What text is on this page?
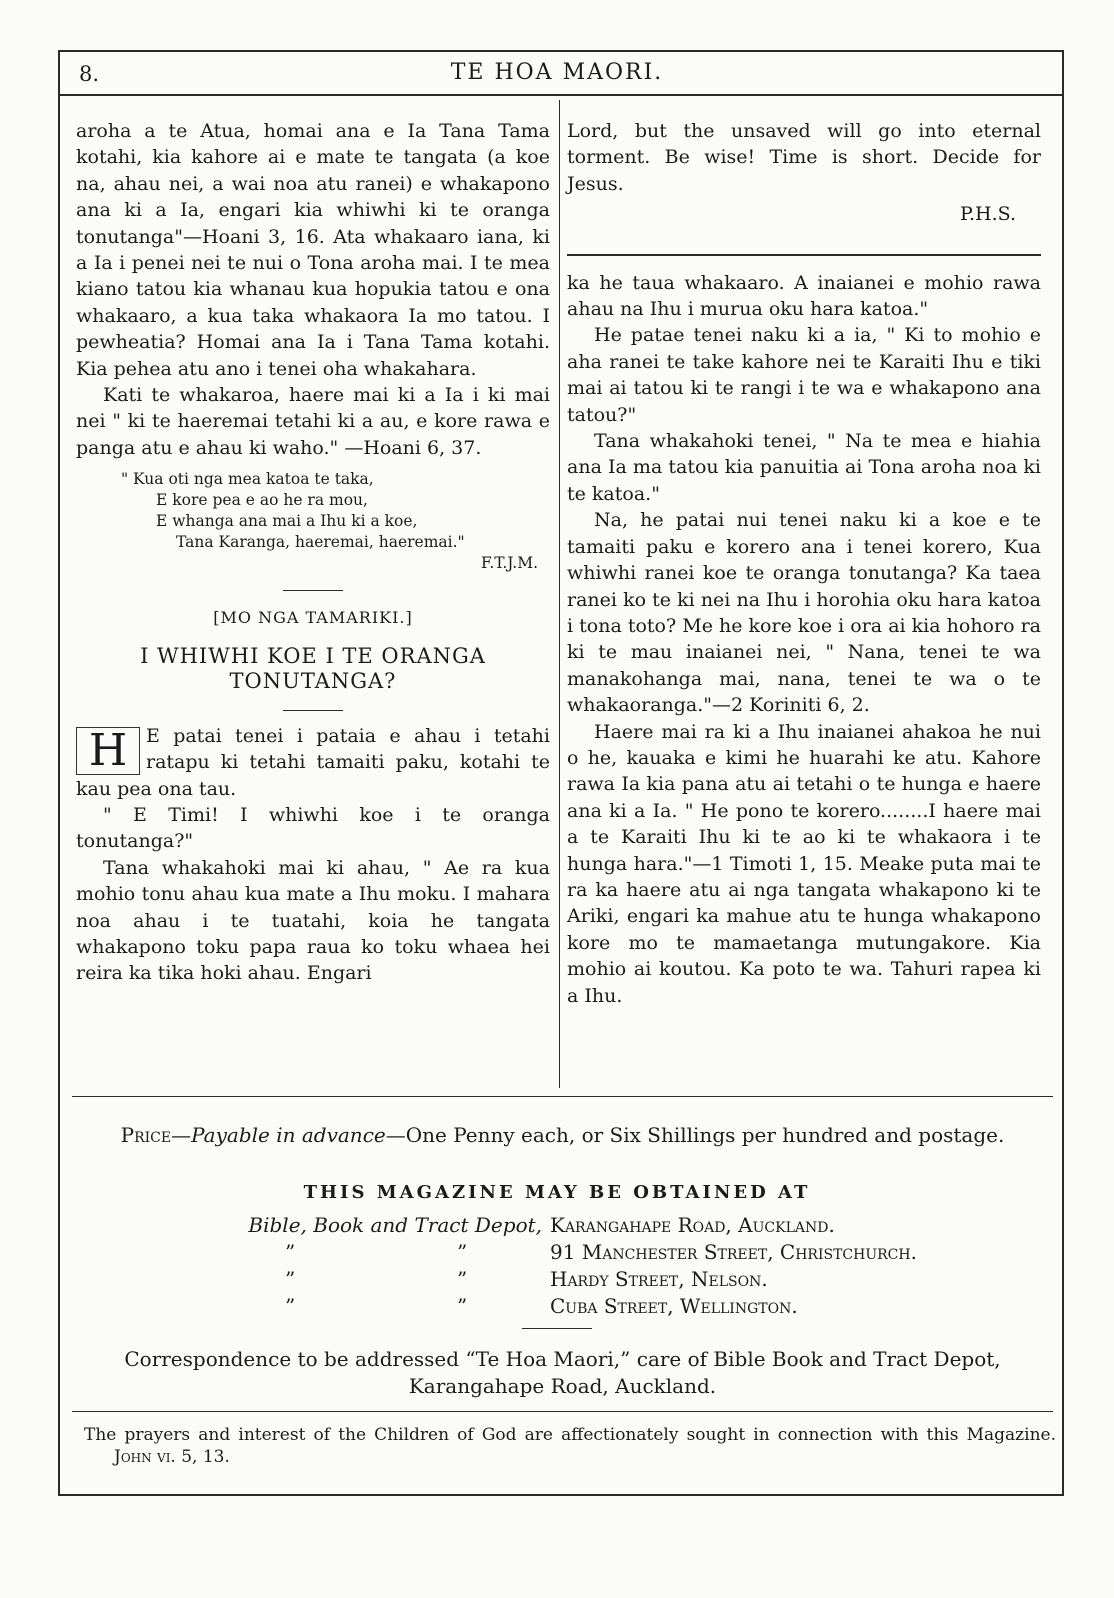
8.	TE HOA MAORI.

aroha a te Atua, homai ana e Ia Tana Tama kotahi, kia kahore ai e mate te tangata (a koe na, ahau nei, a wai noa atu ranei) e whakapono ana ki a Ia, engari kia whiwhi ki te oranga tonutanga"—Hoani 3, 16. Ata whakaaro iana, ki a Ia i penei nei te nui o Tona aroha mai. I te mea kiano tatou kia whanau kua hopukia tatou e ona whakaaro, a kua taka whakaora Ia mo tatou. I pewheatia? Homai ana Ia i Tana Tama kotahi. Kia pehea atu ano i tenei oha whakahara.

Kati te whakaroa, haere mai ki a Ia i ki mai nei " ki te haeremai tetahi ki a au, e kore rawa e panga atu e ahau ki waho." —Hoani 6, 37.

" Kua oti nga mea katoa te taka,
E kore pea e ao he ra mou,
E whanga ana mai a Ihu ki a koe,
Tana Karanga, haeremai, haeremai."
F.T.J.M.
[MO NGA TAMARIKI.]
I WHIWHI KOE I TE ORANGA TONUTANGA?

H E patai tenei i pataia e ahau i tetahi ratapu ki tetahi tamaiti paku, kotahi te kau pea ona tau.

" E Timi! I whiwhi koe i te oranga tonutanga?"

Tana whakahoki mai ki ahau, " Ae ra kua mohio tonu ahau kua mate a Ihu moku. I mahara noa ahau i te tuatahi, koia he tangata whakapono toku papa raua ko toku whaea hei reira ka tika hoki ahau. Engari

Lord, but the unsaved will go into eternal torment. Be wise! Time is short. Decide for Jesus.

P.H.S.

ka he taua whakaaro. A inaianei e mohio rawa ahau na Ihu i murua oku hara katoa."

He patae tenei naku ki a ia, " Ki to mohio e aha ranei te take kahore nei te Karaiti Ihu e tiki mai ai tatou ki te rangi i te wa e whakapono ana tatou?"

Tana whakahoki tenei, " Na te mea e hiahia ana Ia ma tatou kia panuitia ai Tona aroha noa ki te katoa."

Na, he patai nui tenei naku ki a koe e te tamaiti paku e korero ana i tenei korero, Kua whiwhi ranei koe te oranga tonutanga? Ka taea ranei ko te ki nei na Ihu i horohia oku hara katoa i tona toto? Me he kore koe i ora ai kia hohoro ra ki te mau inaianei nei, " Nana, tenei te wa manakohanga mai, nana, tenei te wa o te whakaoranga."—2 Koriniti 6, 2.

Haere mai ra ki a Ihu inaianei ahakoa he nui o he, kauaka e kimi he huarahi ke atu. Kahore rawa Ia kia pana atu ai tetahi o te hunga e haere ana ki a Ia. " He pono te korero........I haere mai a te Karaiti Ihu ki te ao ki te whakaora i te hunga hara."—1 Timoti 1, 15. Meake puta mai te ra ka haere atu ai nga tangata whakapono ki te Ariki, engari ka mahue atu te hunga whakapono kore mo te mamaetanga mutungakore. Kia mohio ai koutou. Ka poto te wa. Tahuri rapea ki a Ihu.

Price—Payable in advance—One Penny each, or Six Shillings per hundred and postage.
THIS MAGAZINE MAY BE OBTAINED AT
Bible, Book and Tract Depot, Karangahape Road, Auckland.
”	”	91 Manchester Street, Christchurch.
”	”	Hardy Street, Nelson.
”	”	Cuba Street, Wellington.
Correspondence to be addressed “Te Hoa Maori,” care of Bible Book and Tract Depot, Karangahape Road, Auckland.
The prayers and interest of the Children of God are affectionately sought in connection with this Magazine. John vi. 5, 13.
